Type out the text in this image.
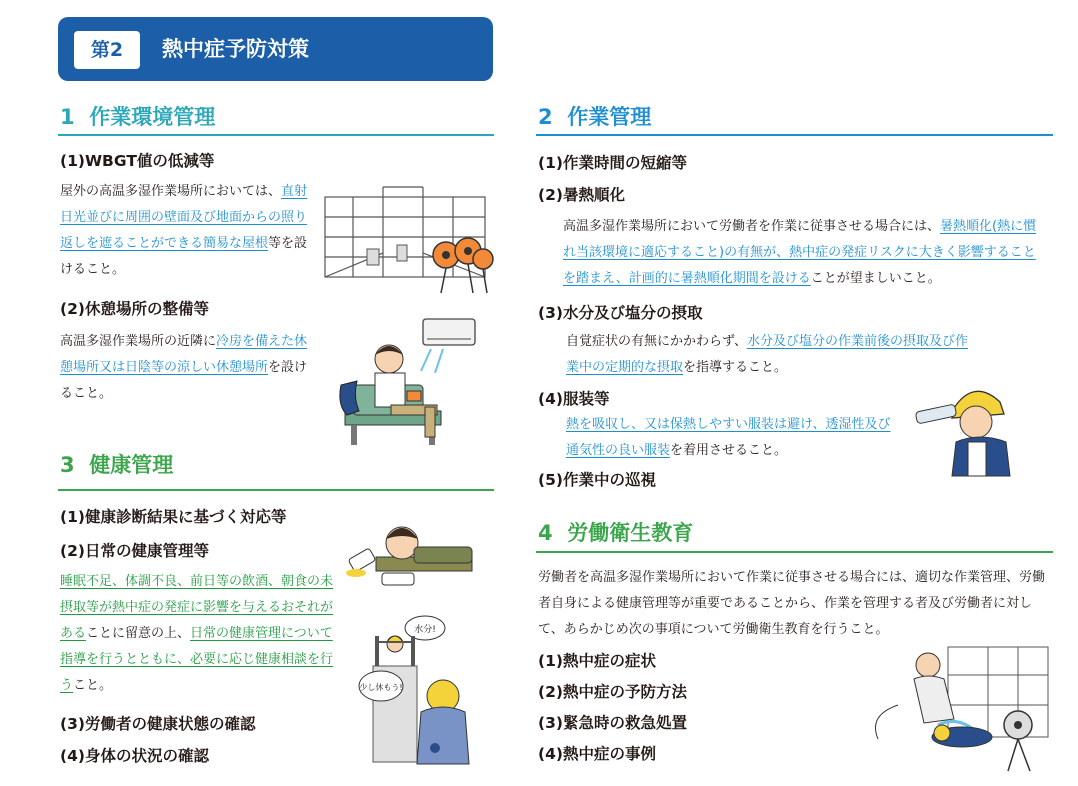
第2	熱中症予防対策
1 作業環境管理
(1)WBGT値の低減等
屋外の高温多湿作業場所においては、直射日光並びに周囲の壁面及び地面からの照り返しを遮ることができる簡易な屋根等を設けること。
(2)休憩場所の整備等
高温多湿作業場所の近隣に冷房を備えた休憩場所又は日陰等の涼しい休憩場所を設けること。
3 健康管理
(1)健康診断結果に基づく対応等
(2)日常の健康管理等
睡眠不足、体調不良、前日等の飲酒、朝食の未摂取等が熱中症の発症に影響を与えるおそれがあることに留意の上、日常の健康管理について指導を行うとともに、必要に応じ健康相談を行うこと。
(3)労働者の健康状態の確認
(4)身体の状況の確認
水分!
少し休もう!
2 作業管理
(1)作業時間の短縮等
(2)暑熱順化
高温多湿作業場所において労働者を作業に従事させる場合には、暑熱順化(熱に慣れ当該環境に適応すること)の有無が、熱中症の発症リスクに大きく影響することを踏まえ、計画的に暑熱順化期間を設けることが望ましいこと。
(3)水分及び塩分の摂取
自覚症状の有無にかかわらず、水分及び塩分の作業前後の摂取及び作業中の定期的な摂取を指導すること。
(4)服装等
熱を吸収し、又は保熱しやすい服装は避け、透湿性及び通気性の良い服装を着用させること。
(5)作業中の巡視
4 労働衛生教育
労働者を高温多湿作業場所において作業に従事させる場合には、適切な作業管理、労働者自身による健康管理等が重要であることから、作業を管理する者及び労働者に対して、あらかじめ次の事項について労働衛生教育を行うこと。
(1)熱中症の症状
(2)熱中症の予防方法
(3)緊急時の救急処置
(4)熱中症の事例
